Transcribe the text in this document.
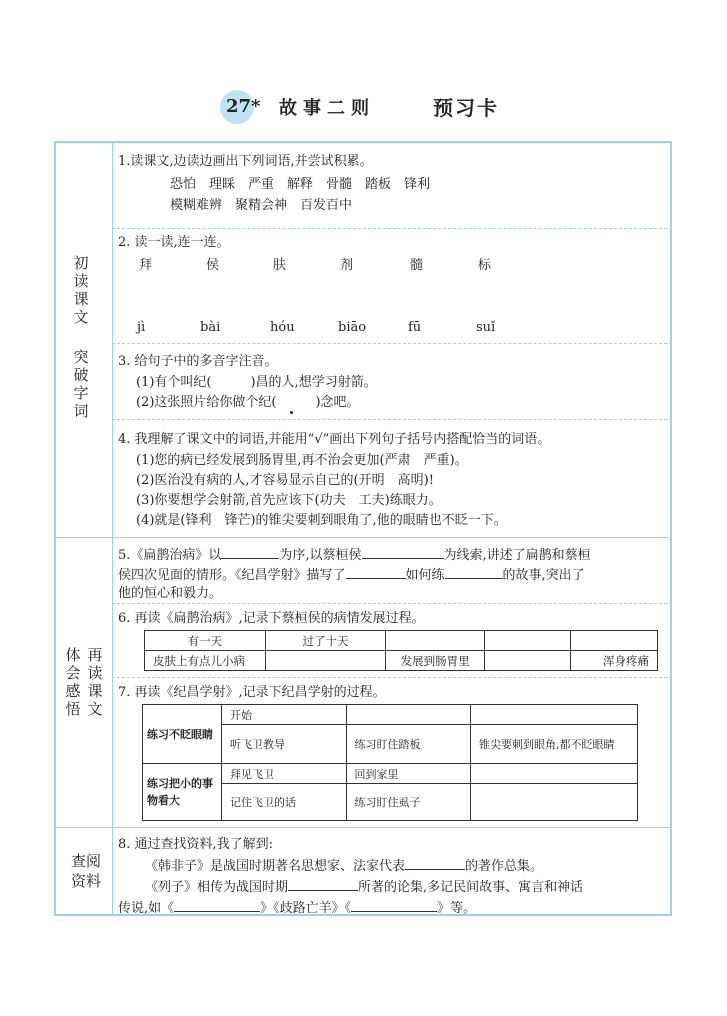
27* 故事二则	预习卡
初读课文
突破字词
再读课文
体会感悟
查阅资料
1.读课文,边读边画出下列词语,并尝试积累。
恐怕　理睬　严重　解释　骨髓　踏板　锋利
模糊难辨　聚精会神　百发百中
2. 读一读,连一连。
拜	侯	肤	剂	髓	标
jì	bài	hóu	biāo	fū	suǐ
3. 给句子中的多音字注音。
(1)有个叫纪(　　　)昌的人,想学习射箭。
(2)这张照片给你做个纪(　　　)念吧。
4. 我理解了课文中的词语,并能用“√”画出下列句子括号内搭配恰当的词语。
(1)您的病已经发展到肠胃里,再不治会更加(严肃　严重)。
(2)医治没有病的人,才容易显示自己的(开明　高明)!
(3)你要想学会射箭,首先应该下(功夫　工夫)练眼力。
(4)就是(锋利　锋芒)的锥尖要刺到眼角了,他的眼睛也不眨一下。
5.《扁鹊治病》以	为序,以蔡桓侯	为线索,讲述了扁鹊和蔡桓
侯四次见面的情形。《纪昌学射》描写了	如何练	的故事,突出了
他的恒心和毅力。
6. 再读《扁鹊治病》,记录下蔡桓侯的病情发展过程。
有一天	过了十天			
皮肤上有点儿小病		发展到肠胃里		浑身疼痛
7. 再读《纪昌学射》,记录下纪昌学射的过程。
练习不眨眼睛	开始		
	听飞卫教导	练习盯住踏板	锥尖要刺到眼角,都不眨眼睛
练习把小的事物看大	拜见飞卫	回到家里	
	记住飞卫的话	练习盯住虱子	
8. 通过查找资料,我了解到:
《韩非子》是战国时期著名思想家、法家代表	的著作总集。
《列子》相传为战国时期	所著的论集,多记民间故事、寓言和神话
传说,如《	》《歧路亡羊》《	》等。
